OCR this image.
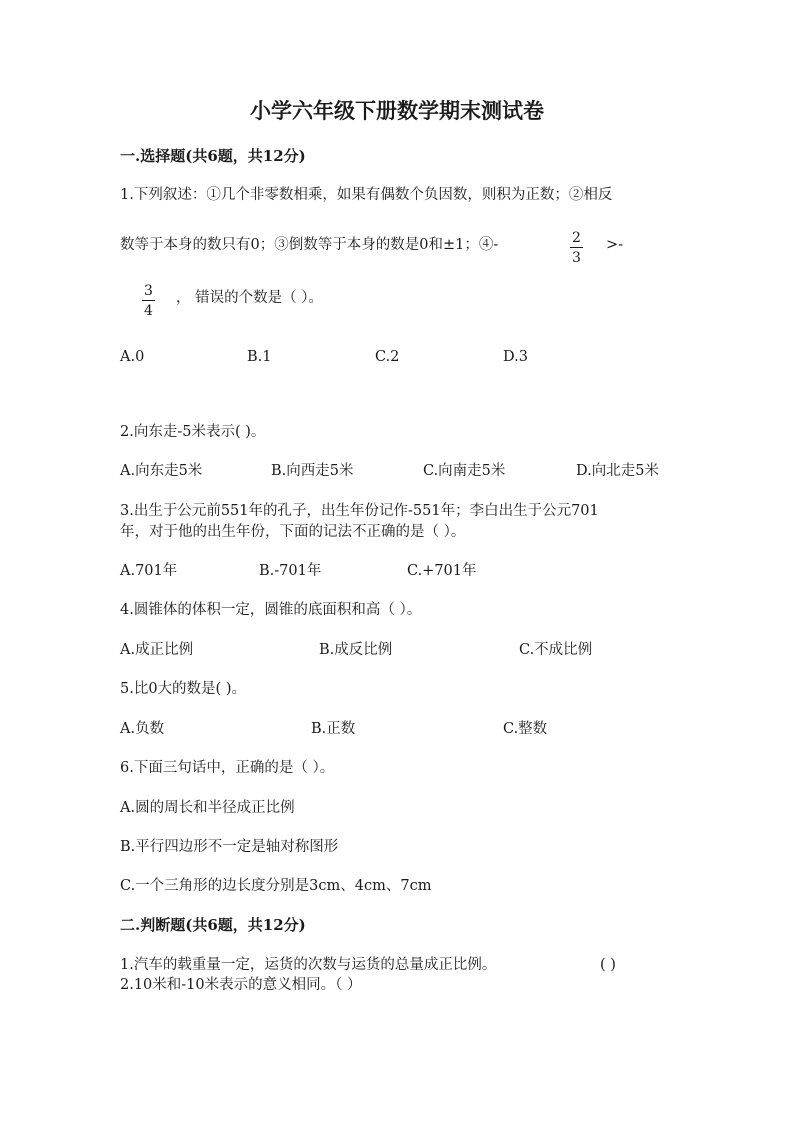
小学六年级下册数学期末测试卷
一.选择题(共6题，共12分)
1.下列叙述：①几个非零数相乘，如果有偶数个负因数，则积为正数；②相反
数等于本身的数只有0；③倒数等于本身的数是0和±1；④-	$\frac{2}{3}$ >-
$\frac{3}{4}$ ， 错误的个数是（ ）。
A.0	B.1	C.2	D.3
2.向东走-5米表示( )。
A.向东走5米	B.向西走5米	C.向南走5米	D.向北走5米
3.出生于公元前551年的孔子，出生年份记作-551年；李白出生于公元701
年，对于他的出生年份，下面的记法不正确的是（ ）。
A.701年	B.-701年	C.+701年
4.圆锥体的体积一定，圆锥的底面积和高（ ）。
A.成正比例	B.成反比例	C.不成比例
5.比0大的数是( )。
A.负数	B.正数	C.整数
6.下面三句话中，正确的是（ ）。
A.圆的周长和半径成正比例
B.平行四边形不一定是轴对称图形
C.一个三角形的边长度分别是3cm、4cm、7cm
二.判断题(共6题，共12分)
1.汽车的载重量一定，运货的次数与运货的总量成正比例。	( )
2.10米和-10米表示的意义相同。（ ）
